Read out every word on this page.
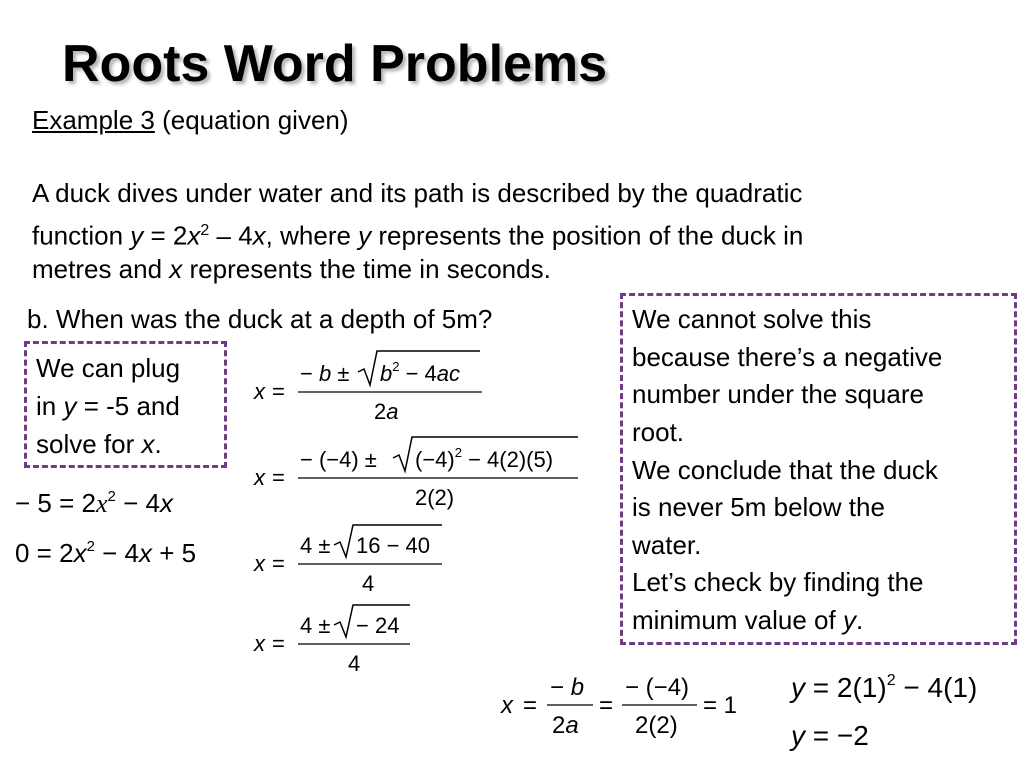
Roots Word Problems
Example 3 (equation given)
A duck dives under water and its path is described by the quadratic
function $y = 2x^2 - 4x$, where y represents the position of the duck in
metres and x represents the time in seconds.
b. When was the duck at a depth of 5m?
We can plug
in y = -5 and
solve for x.
We cannot solve this
because there’s a negative
number under the square
root.
We conclude that the duck
is never 5m below the
water.
Let’s check by finding the
minimum value of y.
− $5 = 2x^2 - 4x$
$0 = 2x^2 - 4x + 5$
x =
− $b \pm b^2 - 4ac$
2a
x =
− $(-4) \pm (-4)^2 - 4(2)(5)$
2(2)
x =
4 ± 16 − 40
4
x =
4 ± − 24
4
x =
− b
2a
=
− (−4)
2(2)
= 1
$y = 2(1)^2 - 4(1)$
y = −2
